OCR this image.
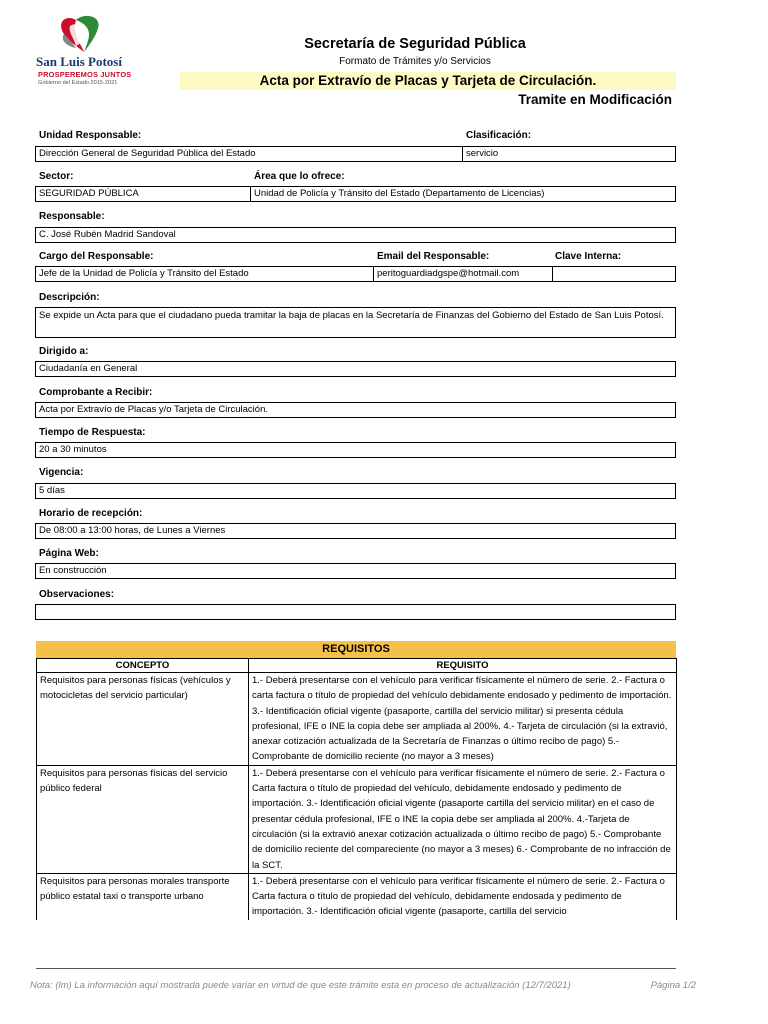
San Luis Potosí
PROSPEREMOS JUNTOS
Gobierno del Estado 2015-2021
Secretaría de Seguridad Pública
Formato de Trámites y/o Servicios
Acta por Extravío de Placas y Tarjeta de Circulación.
Tramite en Modificación
Unidad Responsable:	Clasificación:
Dirección General de Seguridad Pública del Estado	servicio
Sector:	Área que lo ofrece:
SEGURIDAD PÚBLICA	Unidad de Policía y Tránsito del Estado (Departamento de Licencias)
Responsable:
C. José Rubén Madrid Sandoval
Cargo del Responsable:	Email del Responsable:	Clave Interna:
Jefe de la Unidad de Policía y Tránsito del Estado	peritoguardiadgspe@hotmail.com
Descripción:
Se expide un Acta para que el ciudadano pueda tramitar la baja de placas en la Secretaría de Finanzas del Gobierno del Estado de San Luis Potosí.
Dirigido a:
Ciudadanía en General
Comprobante a Recibir:
Acta por Extravío de Placas y/o Tarjeta de Circulación.
Tiempo de Respuesta:
20 a 30 minutos
Vigencia:
5 días
Horario de recepción:
De 08:00 a 13:00 horas, de Lunes a Viernes
Página Web:
En construcción
Observaciones:
REQUISITOS
CONCEPTO	REQUISITO
Requisitos para personas físicas (vehículos y motocicletas del servicio particular)	1.- Deberá presentarse con el vehículo para verificar físicamente el número de serie. 2.- Factura o carta factura o título de propiedad del vehículo debidamente endosado y pedimento de importación. 3.- Identificación oficial vigente (pasaporte, cartilla del servicio militar) si presenta cédula profesional, IFE o INE la copia debe ser ampliada al 200%. 4.- Tarjeta de circulación (si la extravió, anexar cotización actualizada de la Secretaría de Finanzas o último recibo de pago) 5.- Comprobante de domicilio reciente (no mayor a 3 meses)
Requisitos para personas físicas del servicio público federal	1.- Deberá presentarse con el vehículo para verificar físicamente el número de serie. 2.- Factura o Carta factura o título de propiedad del vehículo, debidamente endosado y pedimento de importación. 3.- Identificación oficial vigente (pasaporte cartilla del servicio militar) en el caso de presentar cédula profesional, IFE o INE la copia debe ser ampliada al 200%. 4.-Tarjeta de circulación (si la extravió anexar cotización actualizada o último recibo de pago) 5.- Comprobante de domicilio reciente del compareciente (no mayor a 3 meses) 6.- Comprobante de no infracción de la SCT.
Requisitos para personas morales transporte público estatal taxi o transporte urbano	1.- Deberá presentarse con el vehículo para verificar físicamente el número de serie. 2.- Factura o Carta factura o título de propiedad del vehículo, debidamente endosada y pedimento de importación. 3.- Identificación oficial vigente (pasaporte, cartilla del servicio
Nota: (lm) La información aquí mostrada puede variar en virtud de que este trámite esta en proceso de actualización (12/7/2021)	Página 1/2
